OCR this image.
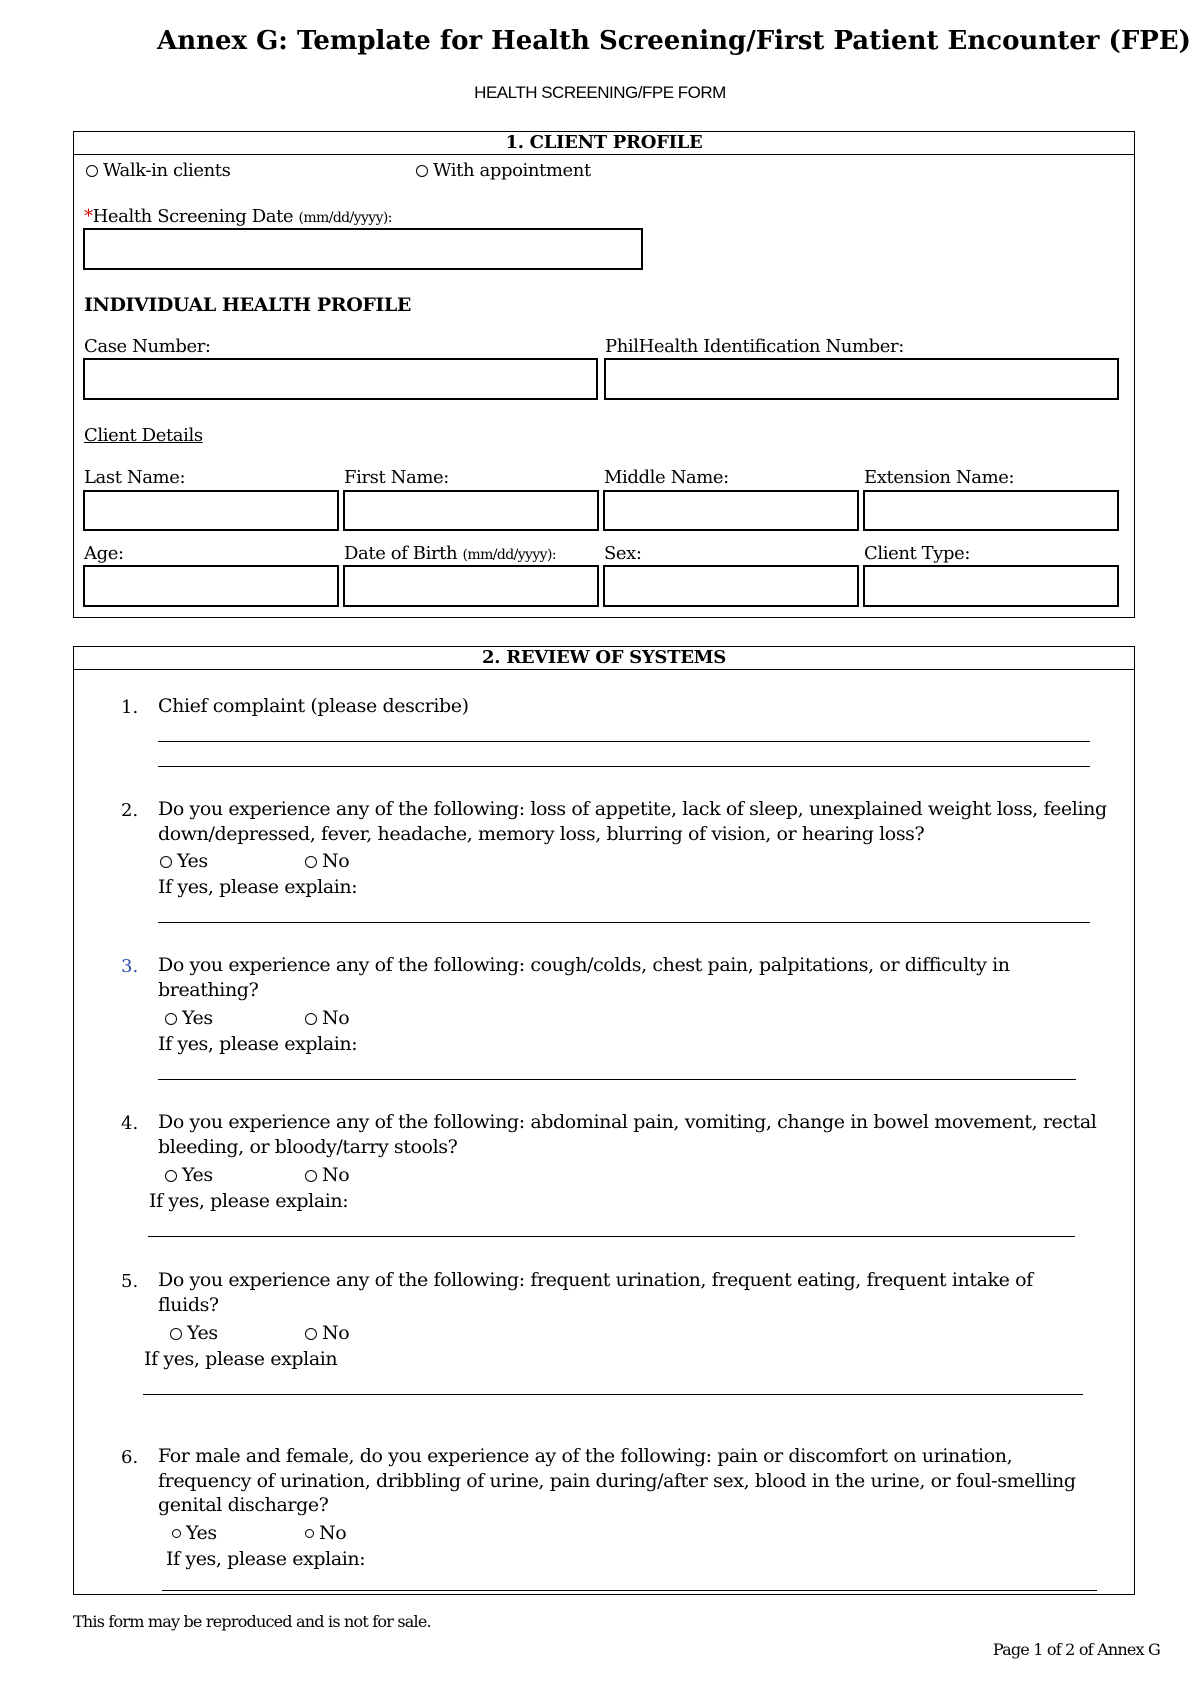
Annex G: Template for Health Screening/First Patient Encounter (FPE)
HEALTH SCREENING/FPE FORM
1. CLIENT PROFILE
Walk-in clients	With appointment
*Health Screening Date (mm/dd/yyyy):
INDIVIDUAL HEALTH PROFILE
Case Number:	PhilHealth Identification Number:
Client Details
Last Name:	First Name:	Middle Name:	Extension Name:
Age:	Date of Birth (mm/dd/yyyy):	Sex:	Client Type:
2. REVIEW OF SYSTEMS
1. Chief complaint (please describe)
2. Do you experience any of the following: loss of appetite, lack of sleep, unexplained weight loss, feeling down/depressed, fever, headache, memory loss, blurring of vision, or hearing loss?
Yes	No
If yes, please explain:
3. Do you experience any of the following: cough/colds, chest pain, palpitations, or difficulty in breathing?
Yes	No
If yes, please explain:
4. Do you experience any of the following: abdominal pain, vomiting, change in bowel movement, rectal bleeding, or bloody/tarry stools?
Yes	No
If yes, please explain:
5. Do you experience any of the following: frequent urination, frequent eating, frequent intake of fluids?
Yes	No
If yes, please explain
6. For male and female, do you experience ay of the following: pain or discomfort on urination, frequency of urination, dribbling of urine, pain during/after sex, blood in the urine, or foul-smelling genital discharge?
Yes	No
If yes, please explain:
This form may be reproduced and is not for sale.
Page 1 of 2 of Annex G
